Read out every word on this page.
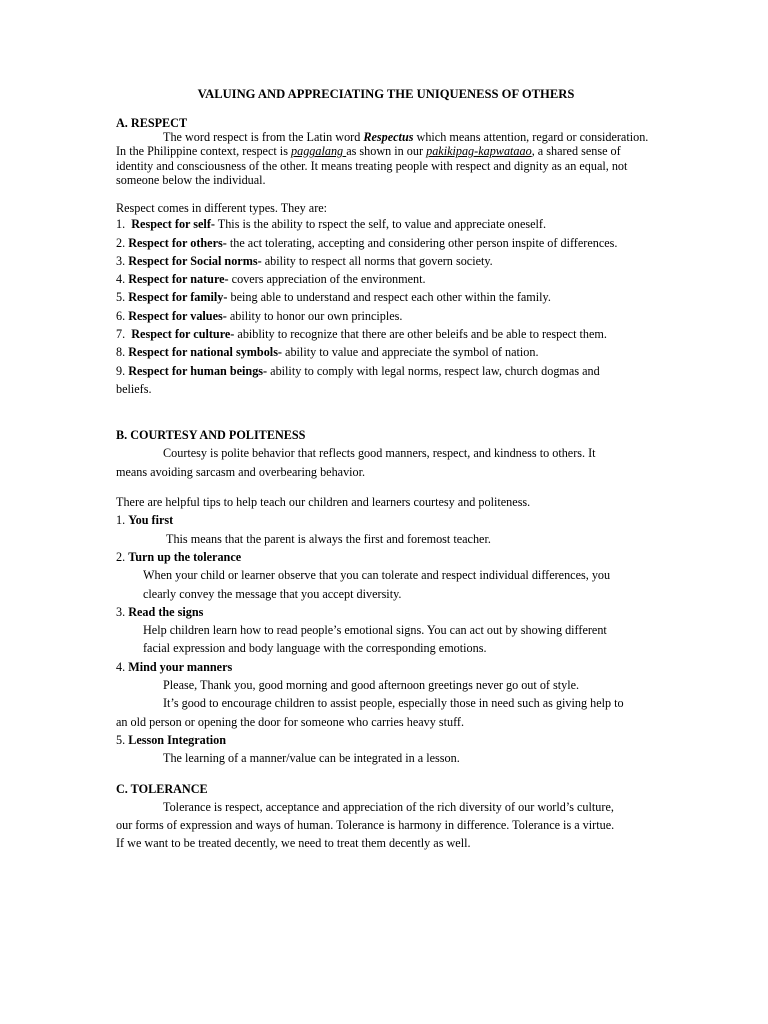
VALUING AND APPRECIATING THE UNIQUENESS OF OTHERS
A. RESPECT

The word respect is from the Latin word Respectus which means attention, regard or consideration. In the Philippine context, respect is paggalang as shown in our pakikipag-kapwataao, a shared sense of identity and consciousness of the other. It means treating people with respect and dignity as an equal, not someone below the individual.

Respect comes in different types. They are:
1.  Respect for self- This is the ability to rspect the self, to value and appreciate oneself.
2. Respect for others- the act tolerating, accepting and considering other person inspite of differences.
3. Respect for Social norms- ability to respect all norms that govern society.
4. Respect for nature- covers appreciation of the environment.
5. Respect for family- being able to understand and respect each other within the family.
6. Respect for values- ability to honor our own principles.
7.  Respect for culture- abiblity to recognize that there are other beleifs and be able to respect them.
8. Respect for national symbols- ability to value and appreciate the symbol of nation.
9. Respect for human beings- ability to comply with legal norms, respect law, church dogmas and
beliefs.
B. COURTESY AND POLITENESS
Courtesy is polite behavior that reflects good manners, respect, and kindness to others. It
means avoiding sarcasm and overbearing behavior.
There are helpful tips to help teach our children and learners courtesy and politeness.
1. You first
This means that the parent is always the first and foremost teacher.
2. Turn up the tolerance
When your child or learner observe that you can tolerate and respect individual differences, you
clearly convey the message that you accept diversity.
3. Read the signs
Help children learn how to read people’s emotional signs. You can act out by showing different
facial expression and body language with the corresponding emotions.
4. Mind your manners
Please, Thank you, good morning and good afternoon greetings never go out of style.
It’s good to encourage children to assist people, especially those in need such as giving help to
an old person or opening the door for someone who carries heavy stuff.
5. Lesson Integration
The learning of a manner/value can be integrated in a lesson.
C. TOLERANCE
Tolerance is respect, acceptance and appreciation of the rich diversity of our world’s culture,
our forms of expression and ways of human. Tolerance is harmony in difference. Tolerance is a virtue.
If we want to be treated decently, we need to treat them decently as well.
